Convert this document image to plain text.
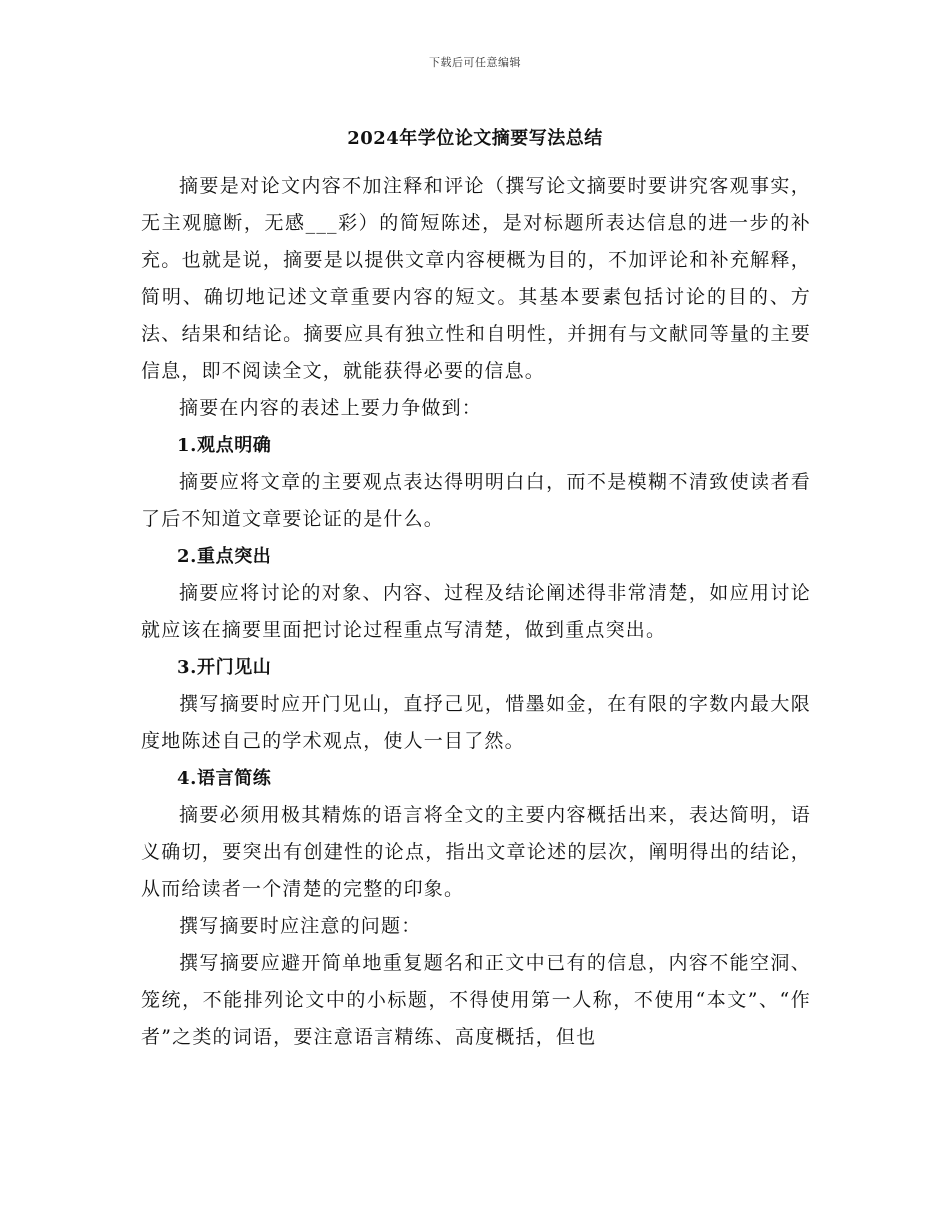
下载后可任意编辑
2024年学位论文摘要写法总结

摘要是对论文内容不加注释和评论（撰写论文摘要时要讲究客观事实，无主观臆断，无感___彩）的简短陈述，是对标题所表达信息的进一步的补充。也就是说，摘要是以提供文章内容梗概为目的，不加评论和补充解释，简明、确切地记述文章重要内容的短文。其基本要素包括讨论的目的、方法、结果和结论。摘要应具有独立性和自明性，并拥有与文献同等量的主要信息，即不阅读全文，就能获得必要的信息。

摘要在内容的表述上要力争做到：

1.观点明确

摘要应将文章的主要观点表达得明明白白，而不是模糊不清致使读者看了后不知道文章要论证的是什么。

2.重点突出

摘要应将讨论的对象、内容、过程及结论阐述得非常清楚，如应用讨论就应该在摘要里面把讨论过程重点写清楚，做到重点突出。

3.开门见山

撰写摘要时应开门见山，直抒己见，惜墨如金，在有限的字数内最大限度地陈述自己的学术观点，使人一目了然。

4.语言简练

摘要必须用极其精炼的语言将全文的主要内容概括出来，表达简明，语义确切，要突出有创建性的论点，指出文章论述的层次，阐明得出的结论，从而给读者一个清楚的完整的印象。

撰写摘要时应注意的问题：

撰写摘要应避开简单地重复题名和正文中已有的信息，内容不能空洞、笼统，不能排列论文中的小标题，不得使用第一人称，不使用“本文”、“作者”之类的词语，要注意语言精练、高度概括，但也
